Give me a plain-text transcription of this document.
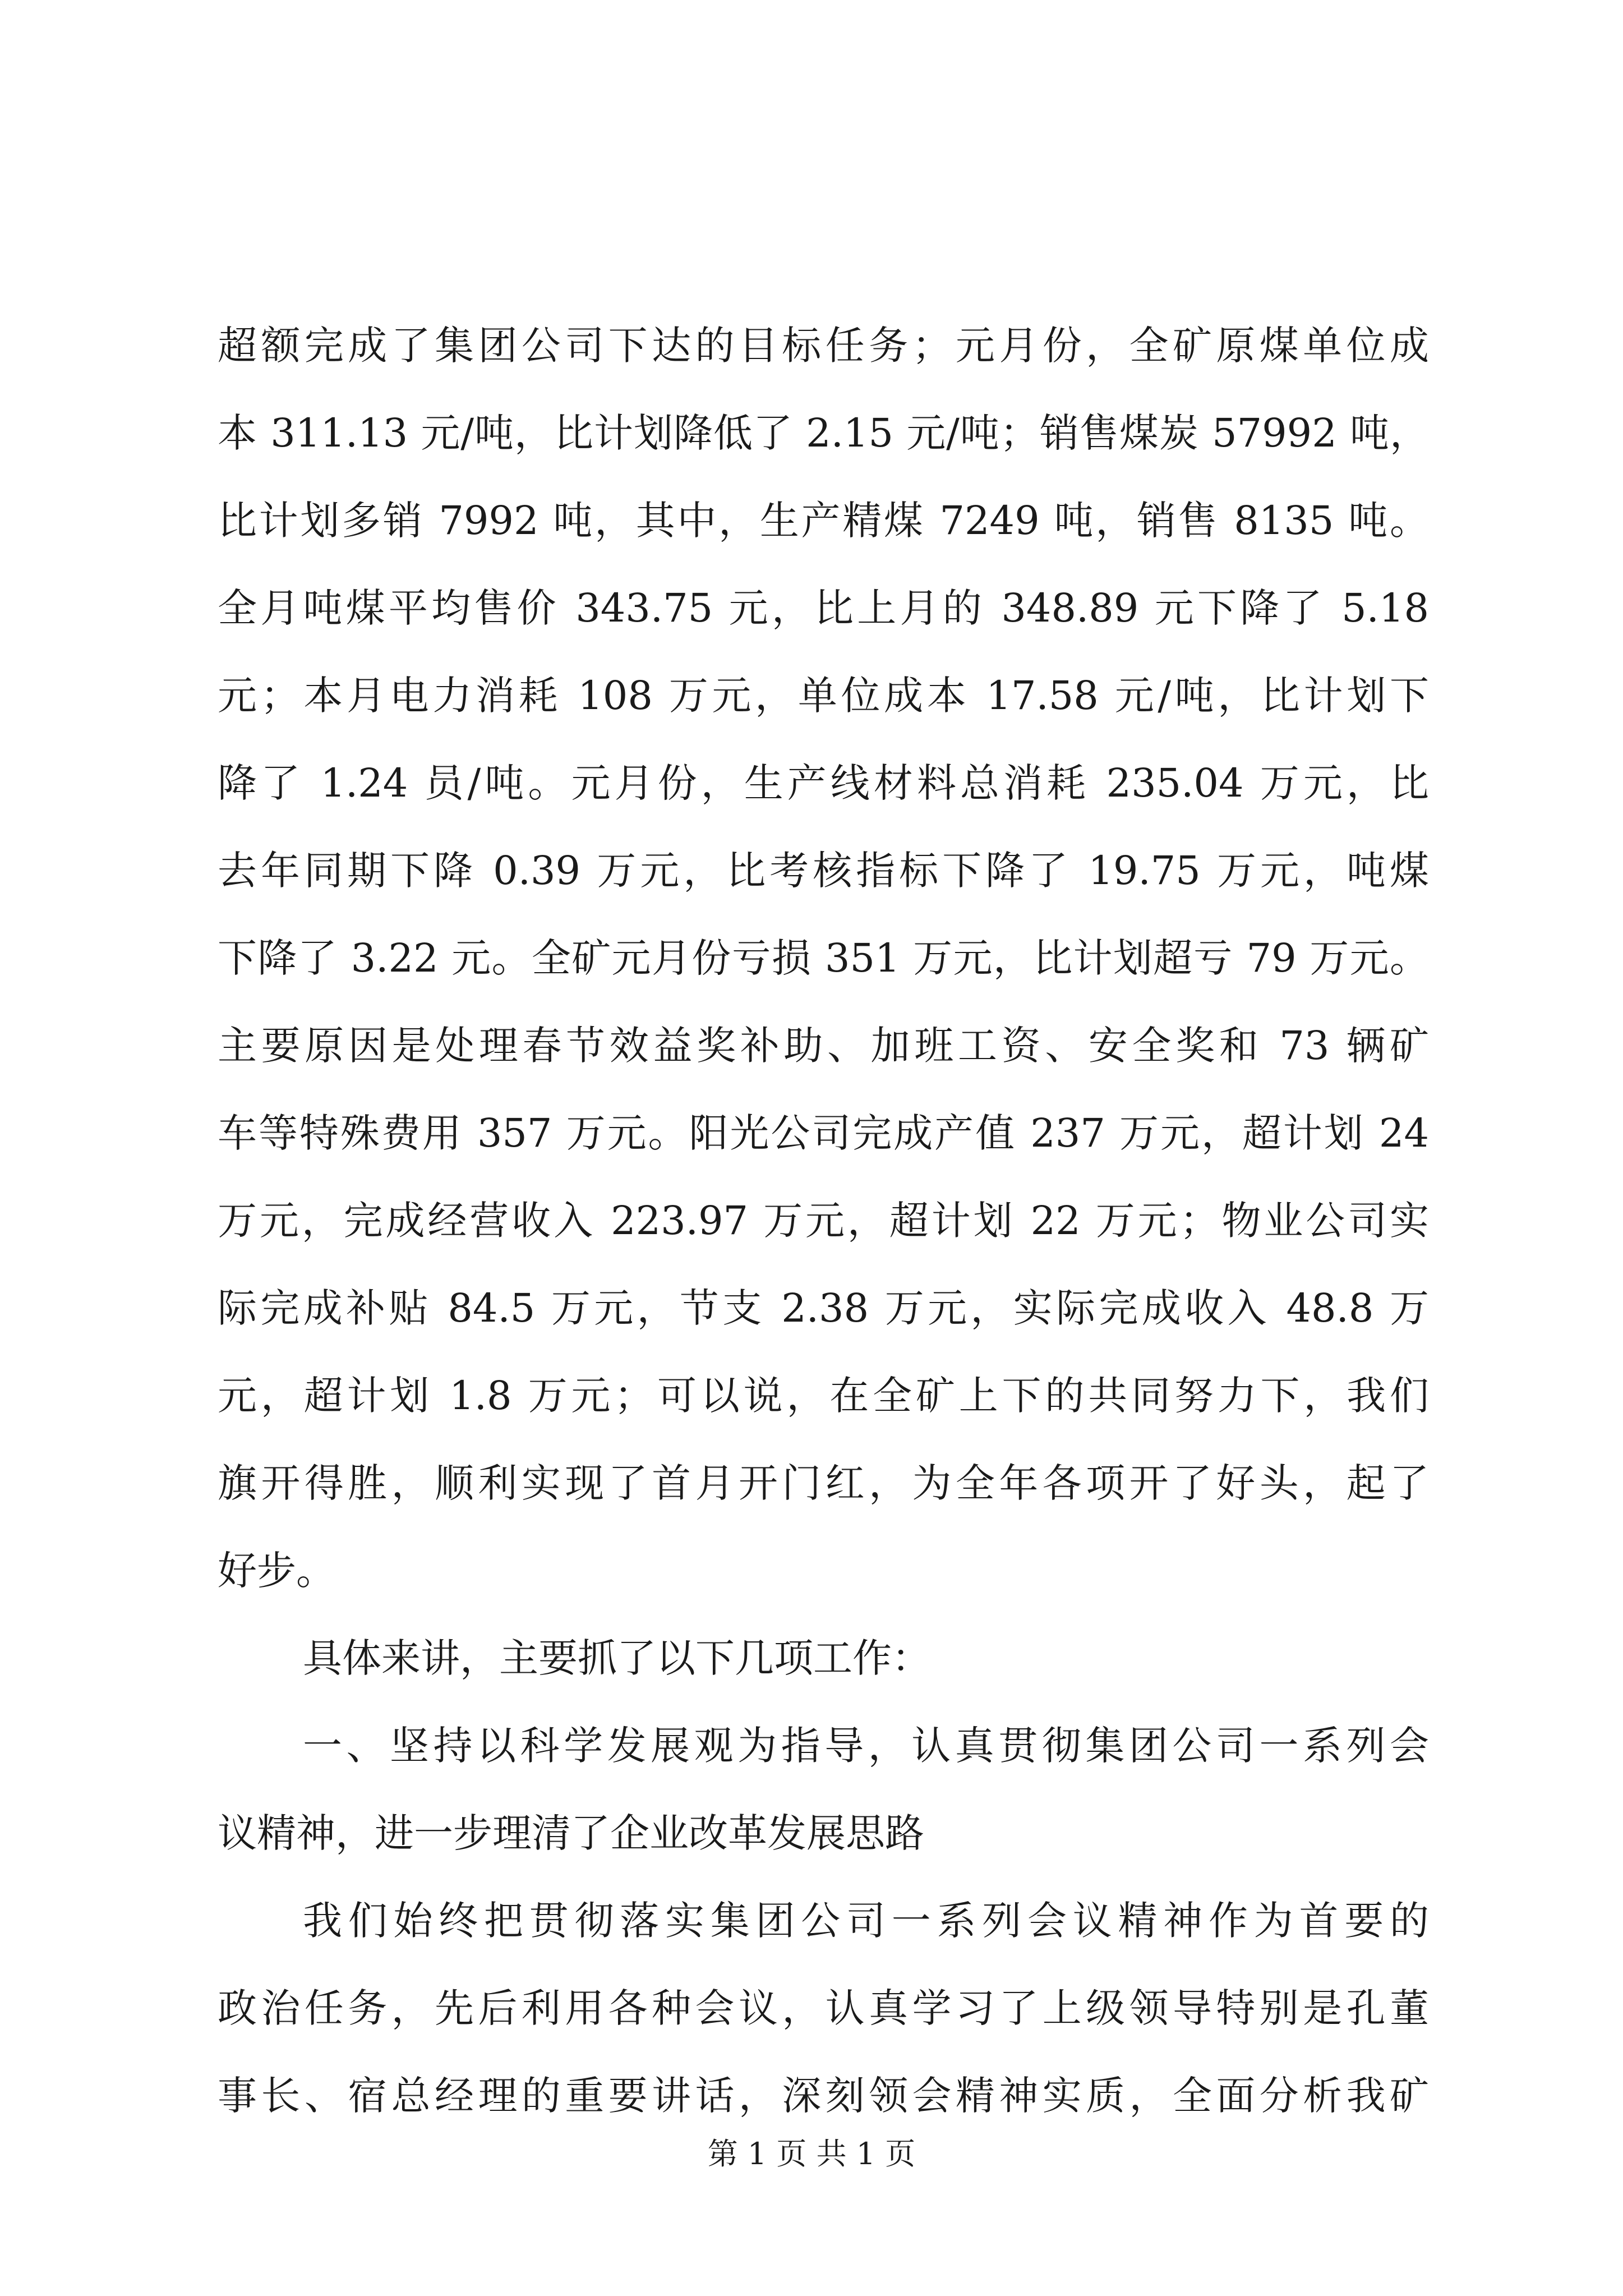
超额完成了集团公司下达的目标任务；元月份，全矿原煤单位成
本 311.13 元/吨，比计划降低了 2.15 元/吨；销售煤炭 57992 吨，
比计划多销 7992 吨，其中，生产精煤 7249 吨，销售 8135 吨。
全月吨煤平均售价 343.75 元，比上月的 348.89 元下降了 5.18
元；本月电力消耗 108 万元，单位成本 17.58 元/吨，比计划下
降了 1.24 员/吨。元月份，生产线材料总消耗 235.04 万元，比
去年同期下降 0.39 万元，比考核指标下降了 19.75 万元，吨煤
下降了 3.22 元。全矿元月份亏损 351 万元，比计划超亏 79 万元。
主要原因是处理春节效益奖补助、加班工资、安全奖和 73 辆矿
车等特殊费用 357 万元。阳光公司完成产值 237 万元，超计划 24
万元，完成经营收入 223.97 万元，超计划 22 万元；物业公司实
际完成补贴 84.5 万元，节支 2.38 万元，实际完成收入 48.8 万
元，超计划 1.8 万元；可以说，在全矿上下的共同努力下，我们
旗开得胜，顺利实现了首月开门红，为全年各项开了好头，起了
好步。
具体来讲，主要抓了以下几项工作：
一、坚持以科学发展观为指导，认真贯彻集团公司一系列会
议精神，进一步理清了企业改革发展思路
我们始终把贯彻落实集团公司一系列会议精神作为首要的
政治任务，先后利用各种会议，认真学习了上级领导特别是孔董
事长、宿总经理的重要讲话，深刻领会精神实质，全面分析我矿
第 1 页 共 1 页
